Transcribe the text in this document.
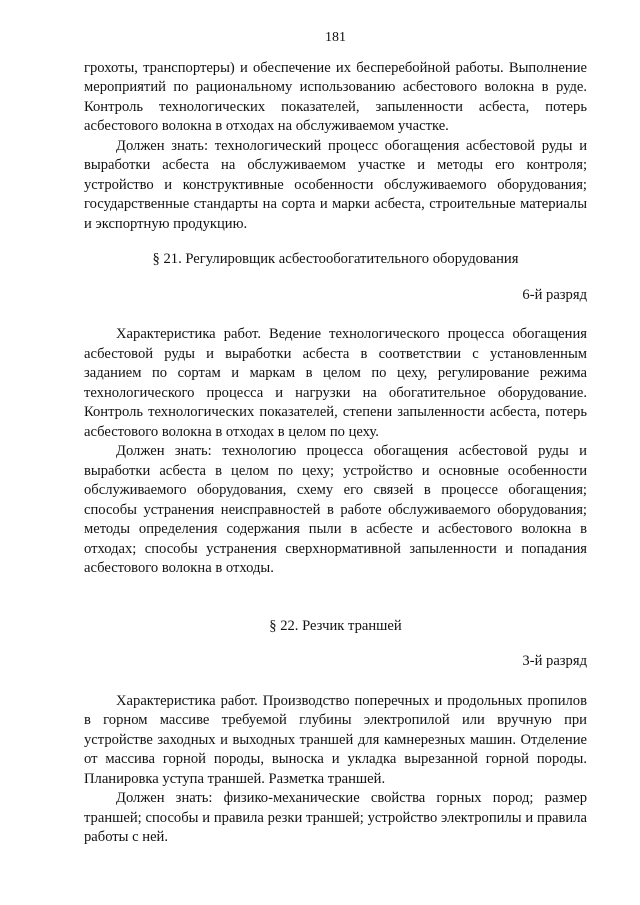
181

грохоты, транспортеры) и обеспечение их бесперебойной работы. Выполнение мероприятий по рациональному использованию асбестового волокна в руде. Контроль технологических показателей, запыленности асбеста, потерь асбестового волокна в отходах на обслуживаемом участке.

Должен знать: технологический процесс обогащения асбестовой руды и выработки асбеста на обслуживаемом участке и методы его контроля; устройство и конструктивные особенности обслуживаемого оборудования; государственные стандарты на сорта и марки асбеста, строительные материалы и экспортную продукцию.

§ 21. Регулировщик асбестообогатительного оборудования

6-й разряд

Характеристика работ. Ведение технологического процесса обогащения асбестовой руды и выработки асбеста в соответствии с установленным заданием по сортам и маркам в целом по цеху, регулирование режима технологического процесса и нагрузки на обогатительное оборудование. Контроль технологических показателей, степени запыленности асбеста, потерь асбестового волокна в отходах в целом по цеху.

Должен знать: технологию процесса обогащения асбестовой руды и выработки асбеста в целом по цеху; устройство и основные особенности обслуживаемого оборудования, схему его связей в процессе обогащения; способы устранения неисправностей в работе обслуживаемого оборудования; методы определения содержания пыли в асбесте и асбестового волокна в отходах; способы устранения сверхнормативной запыленности и попадания асбестового волокна в отходы.

§ 22. Резчик траншей

3-й разряд

Характеристика работ. Производство поперечных и продольных пропилов в горном массиве требуемой глубины электропилой или вручную при устройстве заходных и выходных траншей для камнерезных машин. Отделение от массива горной породы, выноска и укладка вырезанной горной породы. Планировка уступа траншей. Разметка траншей.

Должен знать: физико-механические свойства горных пород; размер траншей; способы и правила резки траншей; устройство электропилы и правила работы с ней.
